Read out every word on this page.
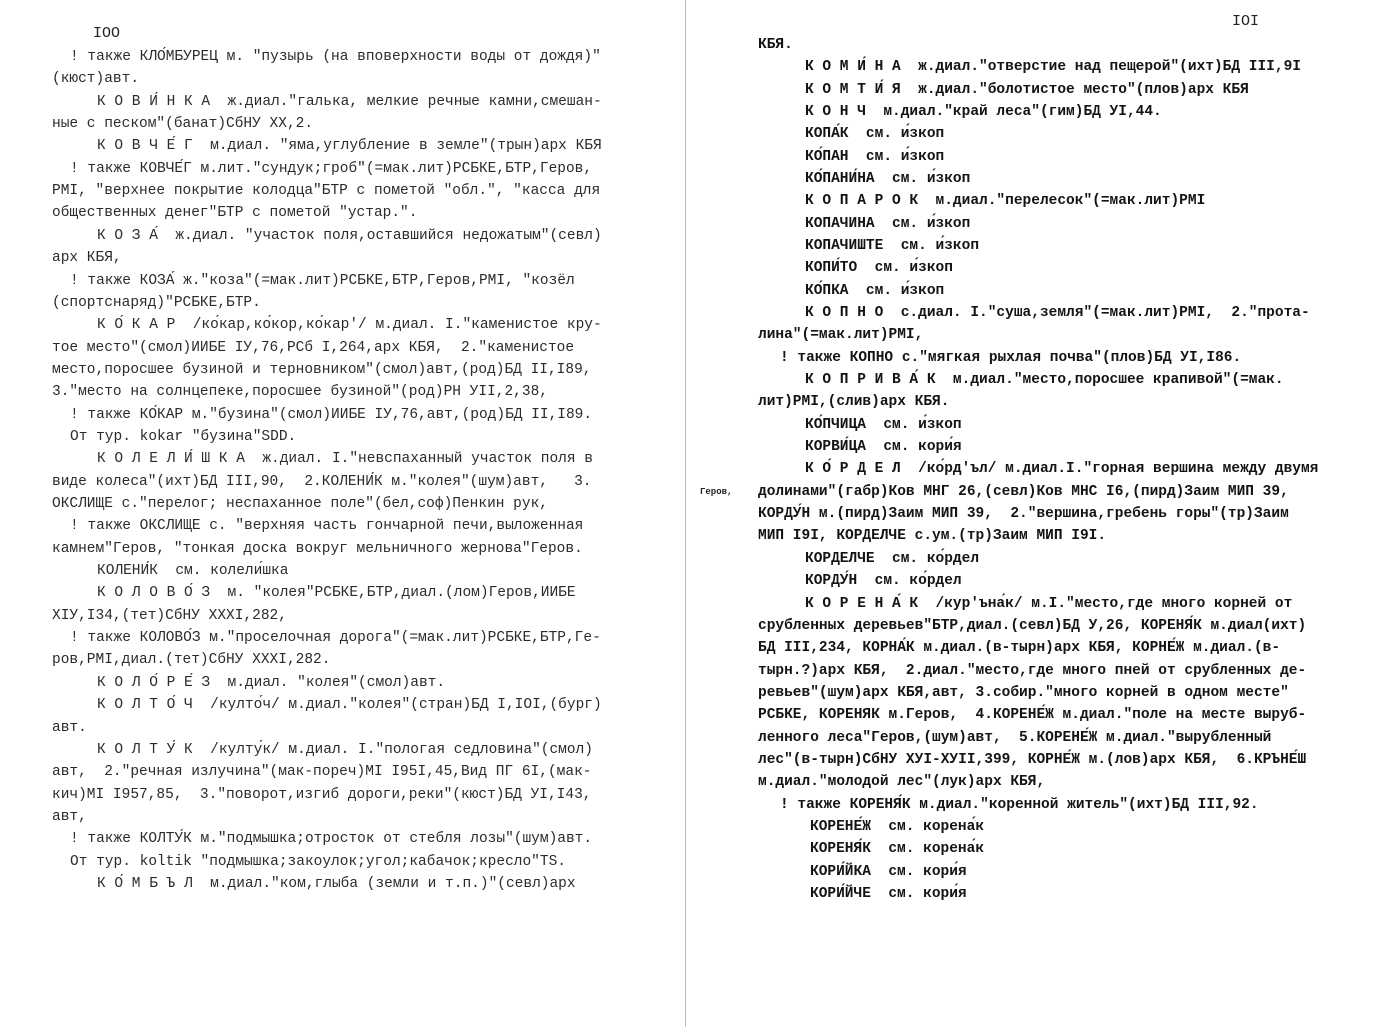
IOO
! также КЛО́МБУРЕЦ м. "пузырь (на вповерхности воды от дождя)"
(кюст)авт.
К О В И́ Н К А  ж.диал."галька, мелкие речные камни,смешан-
ные с песком"(банат)СбНУ XX,2.
К О В Ч Е́ Г  м.диал. "яма,углубление в земле"(трын)арх КБЯ
! также КОВЧЕ́Г м.лит."сундук;гроб"(=мак.лит)РСБКЕ,БТР,Геров,
РМI, "верхнее покрытие колодца"БТР с пометой "обл.", "касса для
общественных денег"БТР с пометой "устар.".
К О З А́  ж.диал. "участок поля,оставшийся недожатым"(севл)
арх КБЯ,
! также КОЗА́ ж."коза"(=мак.лит)РСБКЕ,БТР,Геров,РМI, "козёл
(спортснаряд)"РСБКЕ,БТР.
К О́ К А Р  /ко́кар,ко́кор,ко́кар'/ м.диал. I."каменистое кру-
тое место"(смол)ИИБЕ IУ,76,РСб I,264,арх КБЯ,  2."каменистое
место,поросшее бузиной и терновником"(смол)авт,(род)БД II,I89,
3."место на солнцепеке,поросшее бузиной"(род)РН УII,2,38,
! также КО́КАР м."бузина"(смол)ИИБЕ IУ,76,авт,(род)БД II,I89.
От тур. kokar "бузина"SDD.
К О Л Е Л И́ Ш К А  ж.диал. I."невспаханный участок поля в
виде колеса"(ихт)БД III,90,  2.КОЛЕНИ́К м."колея"(шум)авт,   3.
ОКСЛИЩЕ с."перелог; неспаханное поле"(бел,соф)Пенкин рук,
! также ОКСЛИЩЕ с. "верхняя часть гончарной печи,выложенная
камнем"Геров, "тонкая доска вокруг мельничного жернова"Геров.
КОЛЕНИ́К  см. колели́шка
К О Л О В О́ З  м. "колея"РСБКЕ,БТР,диал.(лом)Геров,ИИБЕ
XIУ,I34,(тет)СбНУ XXXI,282,
! также КОЛОВО́З м."проселочная дорога"(=мак.лит)РСБКЕ,БТР,Ге-
ров,РМI,диал.(тет)СбНУ XXXI,282.
К О Л О́ Р Е́ З  м.диал. "колея"(смол)авт.
К О Л Т О́ Ч  /култо́ч/ м.диал."колея"(стран)БД I,IOI,(бург)
авт.
К О Л Т У́ К  /култу́к/ м.диал. I."пологая седловина"(смол)
авт,  2."речная излучина"(мак-пореч)МI I95I,45,Вид ПГ 6I,(мак-
кич)МI I957,85,  3."поворот,изгиб дороги,реки"(кюст)БД УI,I43,
авт,
! также КОЛТУ́К м."подмышка;отросток от стебля лозы"(шум)авт.
От тур. koltik "подмышка;закоулок;угол;кабачок;кресло"TS.
К О́ М Б Ъ Л  м.диал."ком,глыба (земли и т.п.)"(севл)арх
IOI
Геров,
КБЯ.
К О М И́ Н А  ж.диал."отверстие над пещерой"(ихт)БД III,9I
К О М Т И́ Я  ж.диал."болотистое место"(плов)арх КБЯ
К О Н Ч  м.диал."край леса"(гим)БД УI,44.
КОПА́К  см. и́зкоп
КО́ПАН  см. и́зкоп
КО́ПАНИ́НА  см. и́зкоп
К О П А Р О К  м.диал."перелесок"(=мак.лит)РМI
КОПАЧИНА  см. и́зкоп
КОПАЧИШТЕ  см. и́зкоп
КОПИ́ТО  см. и́зкоп
КО́ПКА  см. и́зкоп
К О П Н О  с.диал. I."суша,земля"(=мак.лит)РМI,  2."прота-
лина"(=мак.лит)РМI,
! также КОПНО с."мягкая рыхлая почва"(плов)БД УI,I86.
К О П Р И В А́ К  м.диал."место,поросшее крапивой"(=мак.
лит)РМI,(слив)арх КБЯ.
КО́ПЧИЦА  см. и́зкоп
КОРВИ́ЦА  см. кори́я
К О́ Р Д Е Л  /ко́рд'ъл/ м.диал.I."горная вершина между двумя
долинами"(габр)Ков МНГ 26,(севл)Ков МНС I6,(пирд)Заим МИП 39,
КОРДУ́Н м.(пирд)Заим МИП 39,  2."вершина,гребень горы"(тр)Заим
МИП I9I, КОРДЕЛЧЕ с.ум.(тр)Заим МИП I9I.
КОРДЕЛЧЕ  см. ко́рдел
КОРДУ́Н  см. ко́рдел
К О Р Е Н А́ К  /кур'ъна́к/ м.I."место,где много корней от
срубленных деревьев"БТР,диал.(севл)БД У,26, КОРЕНЯ́К м.диал(ихт)
БД III,234, КОРНА́К м.диал.(в-тырн)арх КБЯ, КОРНЕ́Ж м.диал.(в-
тырн.?)арх КБЯ,  2.диал."место,где много пней от срубленных де-
ревьев"(шум)арх КБЯ,авт, 3.собир."много корней в одном месте"
РСБКЕ, КОРЕНЯК м.Геров,  4.КОРЕНЕ́Ж м.диал."поле на месте выруб-
ленного леса"Геров,(шум)авт,  5.КОРЕНЕ́Ж м.диал."вырубленный
лес"(в-тырн)СбНУ ХУI-ХУII,399, КОРНЕ́Ж м.(лов)арх КБЯ,  6.КРЪНЕ́Ш
м.диал."молодой лес"(лук)арх КБЯ,
! также КОРЕНЯ́К м.диал."коренной житель"(ихт)БД III,92.
КОРЕНЕ́Ж  см. корена́к
КОРЕНЯ́К  см. корена́к
КОРИ́ЙКА  см. кори́я
КОРИ́ЙЧЕ  см. кори́я
